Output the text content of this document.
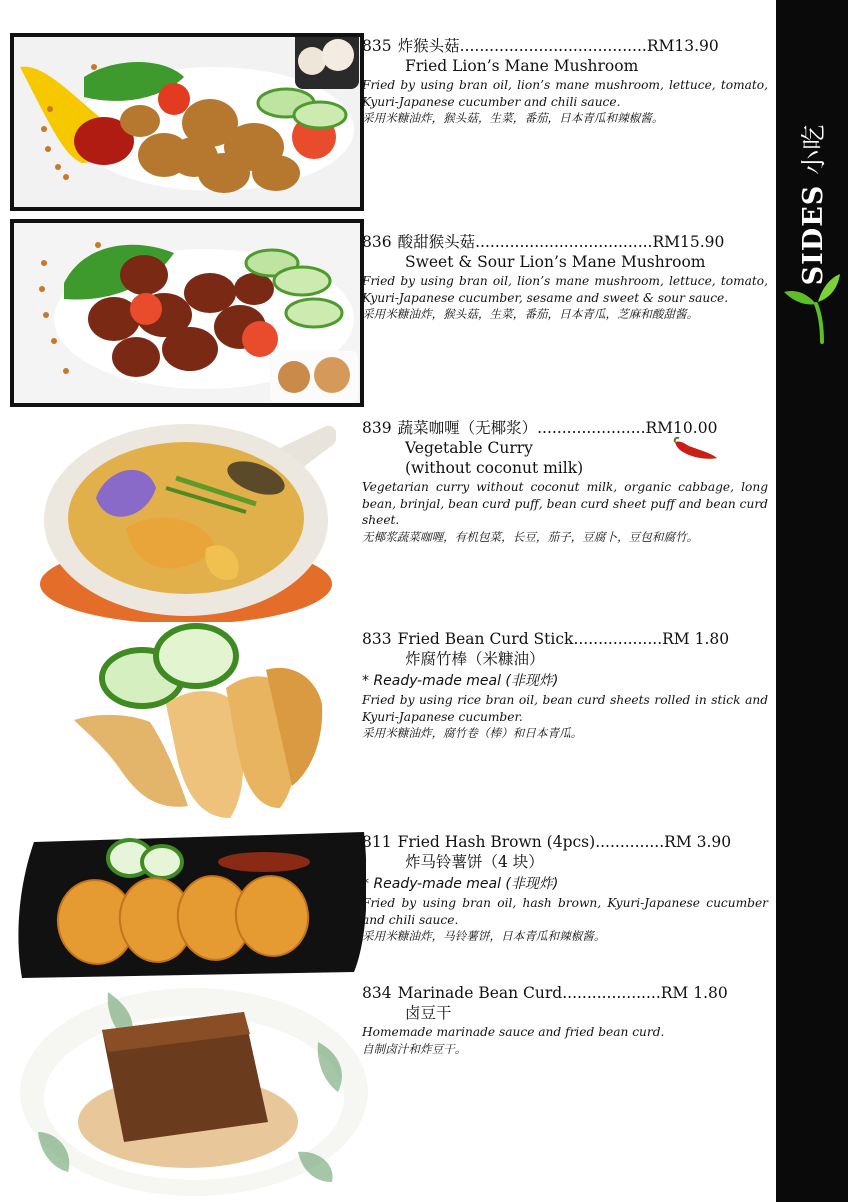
SIDES小吃
835 炸猴头菇......................................RM13.90
Fried Lion’s Mane Mushroom
Fried by using bran oil, lion’s mane mushroom, lettuce, tomato, Kyuri-Japanese cucumber and chili sauce.
采用米糠油炸，猴头菇，生菜，番茄，日本青瓜和辣椒酱。
836 酸甜猴头菇....................................RM15.90
Sweet & Sour Lion’s Mane Mushroom
Fried by using bran oil, lion’s mane mushroom, lettuce, tomato, Kyuri-Japanese cucumber, sesame and sweet & sour sauce.
采用米糠油炸，猴头菇，生菜，番茄，日本青瓜，芝麻和酸甜酱。
839 蔬菜咖喱（无椰浆）......................RM10.00
Vegetable Curry
(without coconut milk)
Vegetarian curry without coconut milk, organic cabbage, long bean, brinjal, bean curd puff, bean curd sheet puff and bean curd sheet.
无椰浆蔬菜咖喱，有机包菜，长豆，茄子，豆腐卜，豆包和腐竹。
833 Fried Bean Curd Stick..................RM 1.80
炸腐竹棒（米糠油）
* Ready-made meal (非现炸)
Fried by using rice bran oil, bean curd sheets rolled in stick and Kyuri-Japanese cucumber.
采用米糠油炸，腐竹卷（棒）和日本青瓜。
811 Fried Hash Brown (4pcs)..............RM 3.90
炸马铃薯饼（4 块）
* Ready-made meal (非现炸)
Fried by using bran oil, hash brown, Kyuri-Japanese cucumber and chili sauce.
采用米糠油炸，马铃薯饼，日本青瓜和辣椒酱。
834 Marinade Bean Curd....................RM 1.80
卤豆干
Homemade marinade sauce and fried bean curd.
自制卤汁和炸豆干。
